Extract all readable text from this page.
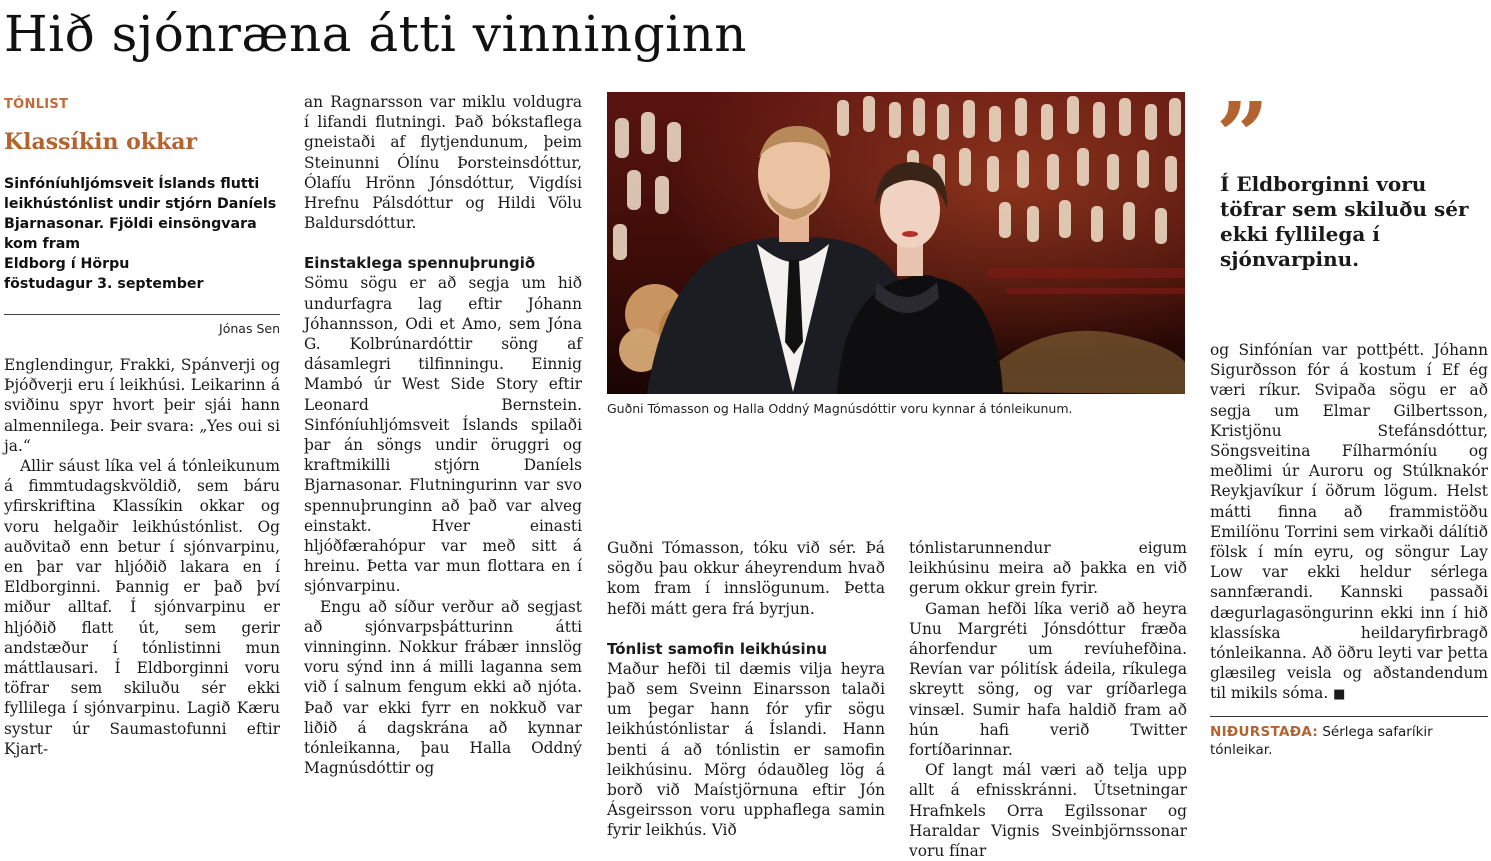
Hið sjónræna átti vinninginn

TÓNLIST

Klassíkin okkar
Sinfóníuhljómsveit Íslands flutti leikhústónlist undir stjórn Daníels Bjarnasonar. Fjöldi einsöngvara kom fram
Eldborg í Hörpu
föstudagur 3. september

Jónas Sen

Englendingur, Frakki, Spánverji og Þjóðverji eru í leikhúsi. Leikarinn á sviðinu spyr hvort þeir sjái hann almennilega. Þeir svara: „Yes oui si ja.“

Allir sáust líka vel á tónleikunum á fimmtudagskvöldið, sem báru yfirskriftina Klassíkin okkar og voru helgaðir leikhústónlist. Og auðvitað enn betur í sjónvarpinu, en þar var hljóðið lakara en í Eldborginni. Þannig er það því miður alltaf. Í sjónvarpinu er hljóðið flatt út, sem gerir andstæður í tónlistinni mun máttlausari. Í Eldborginni voru töfrar sem skiluðu sér ekki fyllilega í sjónvarpinu. Lagið Kæru systur úr Saumastofunni eftir Kjart-

an Ragnarsson var miklu voldugra í lifandi flutningi. Það bókstaflega gneistaði af flytjendunum, þeim Steinunni Ólínu Þorsteinsdóttur, Ólafíu Hrönn Jónsdóttur, Vigdísi Hrefnu Pálsdóttur og Hildi Völu Baldursdóttur.

Einstaklega spennuþrungið

Sömu sögu er að segja um hið undurfagra lag eftir Jóhann Jóhannsson, Odi et Amo, sem Jóna G. Kolbrúnardóttir söng af dásamlegri tilfinningu. Einnig Mambó úr West Side Story eftir Leonard Bernstein. Sinfóníuhljómsveit Íslands spilaði þar án söngs undir öruggri og kraftmikilli stjórn Daníels Bjarnasonar. Flutningurinn var svo spennuþrunginn að það var alveg einstakt. Hver einasti hljóðfærahópur var með sitt á hreinu. Þetta var mun flottara en í sjónvarpinu.

Engu að síður verður að segjast að sjónvarpsþátturinn átti vinninginn. Nokkur frábær innslög voru sýnd inn á milli laganna sem við í salnum fengum ekki að njóta. Það var ekki fyrr en nokkuð var liðið á dagskrána að kynnar tónleikanna, þau Halla Oddný Magnúsdóttir og

Guðni Tómasson og Halla Oddný Magnúsdóttir voru kynnar á tónleikunum.

Guðni Tómasson, tóku við sér. Þá sögðu þau okkur áheyrendum hvað kom fram í innslögunum. Þetta hefði mátt gera frá byrjun.

Tónlist samofin leikhúsinu

Maður hefði til dæmis vilja heyra það sem Sveinn Einarsson talaði um þegar hann fór yfir sögu leikhústónlistar á Íslandi. Hann benti á að tónlistin er samofin leikhúsinu. Mörg ódauðleg lög á borð við Maístjörnuna eftir Jón Ásgeirsson voru upphaflega samin fyrir leikhús. Við

tónlistarunnendur eigum leikhúsinu meira að þakka en við gerum okkur grein fyrir.

Gaman hefði líka verið að heyra Unu Margréti Jónsdóttur fræða áhorfendur um revíuhefðina. Revían var pólitísk ádeila, ríkulega skreytt söng, og var gríðarlega vinsæl. Sumir hafa haldið fram að hún hafi verið Twitter fortíðarinnar.

Of langt mál væri að telja upp allt á efnisskránni. Útsetningar Hrafnkels Orra Egilssonar og Haraldar Vignis Sveinbjörnssonar voru fínar

”

Í Eldborginni voru töfrar sem skiluðu sér ekki fyllilega í sjónvarpinu.

og Sinfónían var pottþétt. Jóhann Sigurðsson fór á kostum í Ef ég væri ríkur. Svipaða sögu er að segja um Elmar Gilbertsson, Kristjönu Stefánsdóttur, Söngsveitina Fílharmóníu og meðlimi úr Auroru og Stúlknakór Reykjavíkur í öðrum lögum. Helst mátti finna að frammistöðu Emilíönu Torrini sem virkaði dálítið fölsk í mín eyru, og söngur Lay Low var ekki heldur sérlega sannfærandi. Kannski passaði dægurlagasöngurinn ekki inn í hið klassíska heildaryfirbragð tónleikanna. Að öðru leyti var þetta glæsileg veisla og aðstandendum til mikils sóma. ■

NIÐURSTAÐA: Sérlega safaríkir tónleikar.
